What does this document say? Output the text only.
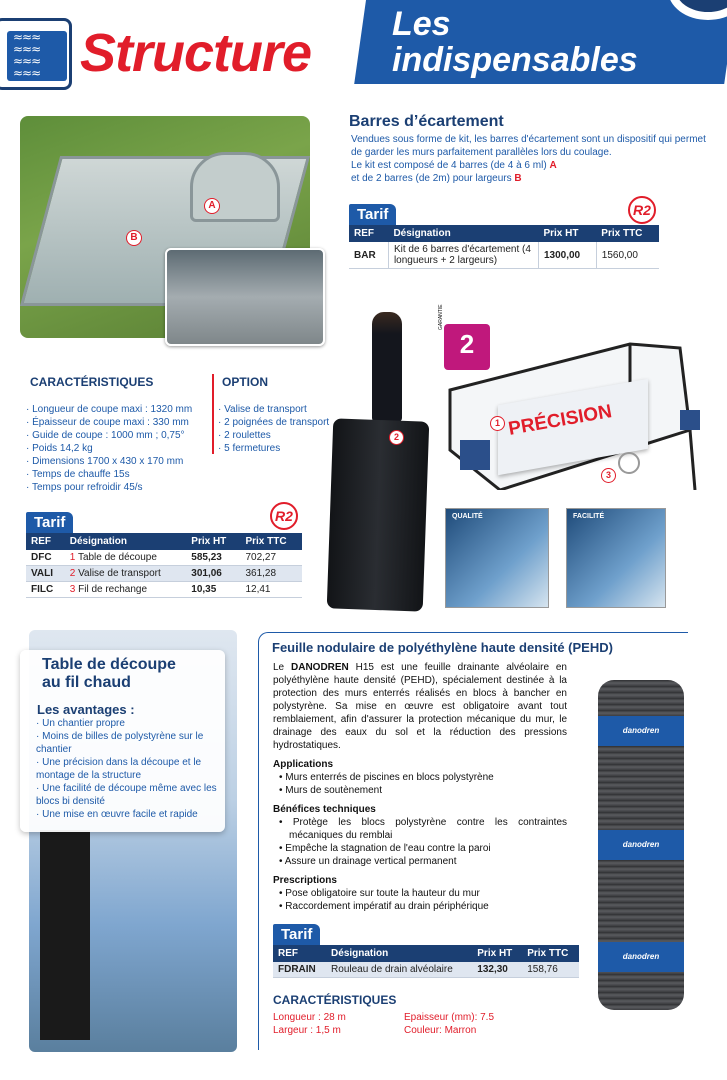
≈≈≈
≈≈≈
≈≈≈
≈≈≈ Structure Les
indispensables
A
B
Barres d’écartement
Vendues sous forme de kit, les barres d'écartement sont un dispositif qui permet de garder les murs parfaitement parallèles lors du coulage.
Le kit est composé de 4 barres (de 4 à 6 ml) A
et de 2 barres (de 2m) pour largeurs B
Tarif
REF	Désignation	Prix HT	Prix TTC
BAR	Kit de 6 barres d'écartement (4 longueurs + 2 largeurs)	1300,00	1560,00
R2
CARACTÉRISTIQUES
· Longueur de coupe maxi : 1320 mm
· Épaisseur de coupe maxi : 330 mm
· Guide de coupe : 1000 mm ; 0,75°
· Poids 14,2 kg
· Dimensions 1700 x 430 x 170 mm
· Temps de chauffe 15s
· Temps pour refroidir 45/s
OPTION
· Valise de transport
· 2 poignées de transport
· 2 roulettes
· 5 fermetures
Tarif
REF	Désignation	Prix HT	Prix TTC
DFC	1 Table de découpe	585,23	702,27
VALI	2 Valise de transport	301,06	361,28
FILC	3 Fil de rechange	10,35	12,41
R2
2	PRÉCISION
2
GARANTIE
1
3
QUALITÉ	FACILITÉ
Table de découpe au fil chaud
Les avantages :
· Un chantier propre
· Moins de billes de polystyrène sur le chantier
· Une précision dans la découpe et le montage de la structure
· Une facilité de découpe même avec les blocs bi densité
· Une mise en œuvre facile et rapide
Feuille nodulaire de polyéthylène haute densité (PEHD)

Le DANODREN H15 est une feuille drainante alvéolaire en polyéthylène haute densité (PEHD), spécialement destinée à la protection des murs enterrés réalisés en blocs à bancher en polystyrène. Sa mise en œuvre est obligatoire avant tout remblaiement, afin d'assurer la protection mécanique du mur, le drainage des eaux du sol et la réduction des pressions hydrostatiques.

Applications
• Murs enterrés de piscines en blocs polystyrène
• Murs de soutènement
Bénéfices techniques
• Protège les blocs polystyrène contre les contraintes mécaniques du remblai
• Empêche la stagnation de l'eau contre la paroi
• Assure un drainage vertical permanent
Prescriptions
• Pose obligatoire sur toute la hauteur du mur
• Raccordement impératif au drain périphérique
danodren
danodren
danodren
Tarif
REF	Désignation	Prix HT	Prix TTC
FDRAIN	Rouleau de drain alvéolaire	132,30	158,76
CARACTÉRISTIQUES
Longueur : 28 m
Largeur : 1,5 m
Epaisseur (mm): 7.5
Couleur: Marron
